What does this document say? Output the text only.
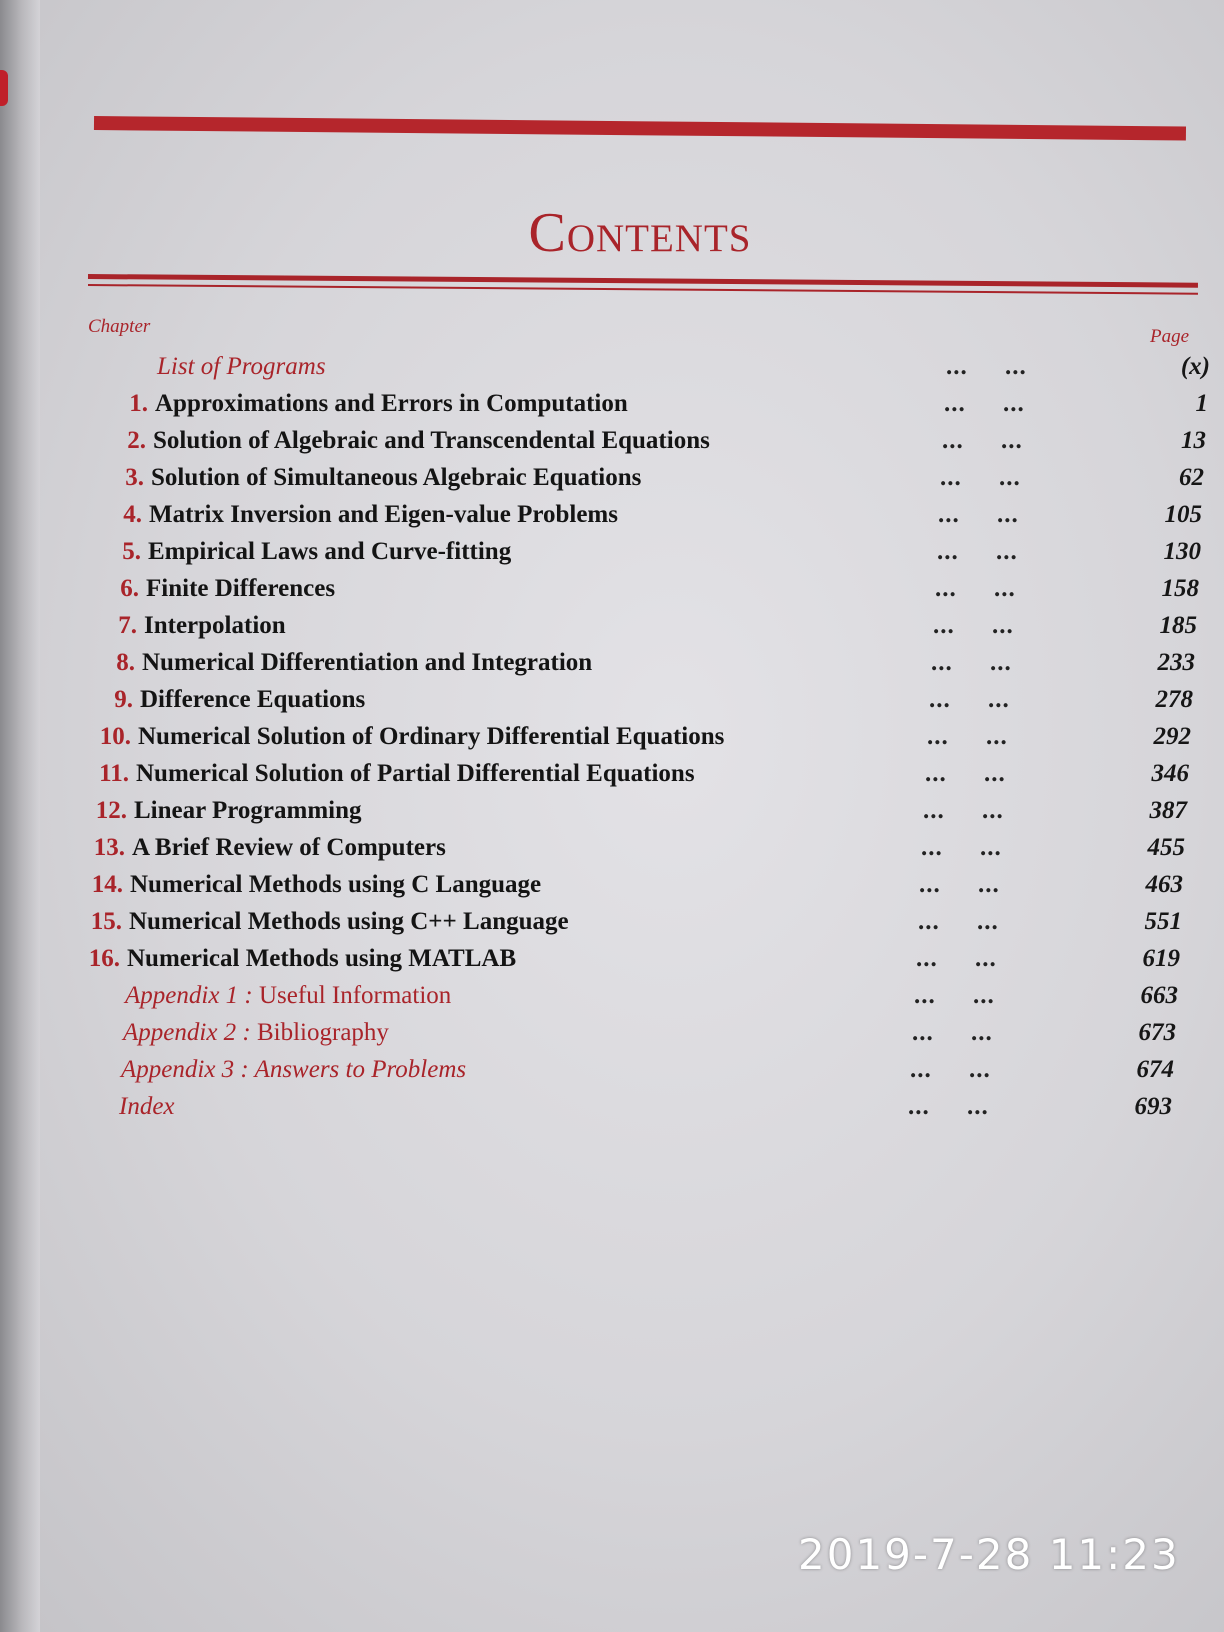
Contents
Chapter	Page
List of Programs	... ...	(x)
1. Approximations and Errors in Computation	... ...	1
2. Solution of Algebraic and Transcendental Equations	... ...	13
3. Solution of Simultaneous Algebraic Equations	... ...	62
4. Matrix Inversion and Eigen-value Problems	... ...	105
5. Empirical Laws and Curve-fitting	... ...	130
6. Finite Differences	... ...	158
7. Interpolation	... ...	185
8. Numerical Differentiation and Integration	... ...	233
9. Difference Equations	... ...	278
10. Numerical Solution of Ordinary Differential Equations	... ...	292
11. Numerical Solution of Partial Differential Equations	... ...	346
12. Linear Programming	... ...	387
13. A Brief Review of Computers	... ...	455
14. Numerical Methods using C Language	... ...	463
15. Numerical Methods using C++ Language	... ...	551
16. Numerical Methods using MATLAB	... ...	619
Appendix 1 : Useful Information	... ...	663
Appendix 2 : Bibliography	... ...	673
Appendix 3 : Answers to Problems	... ...	674
Index	... ...	693
2019-7-28 11:23
